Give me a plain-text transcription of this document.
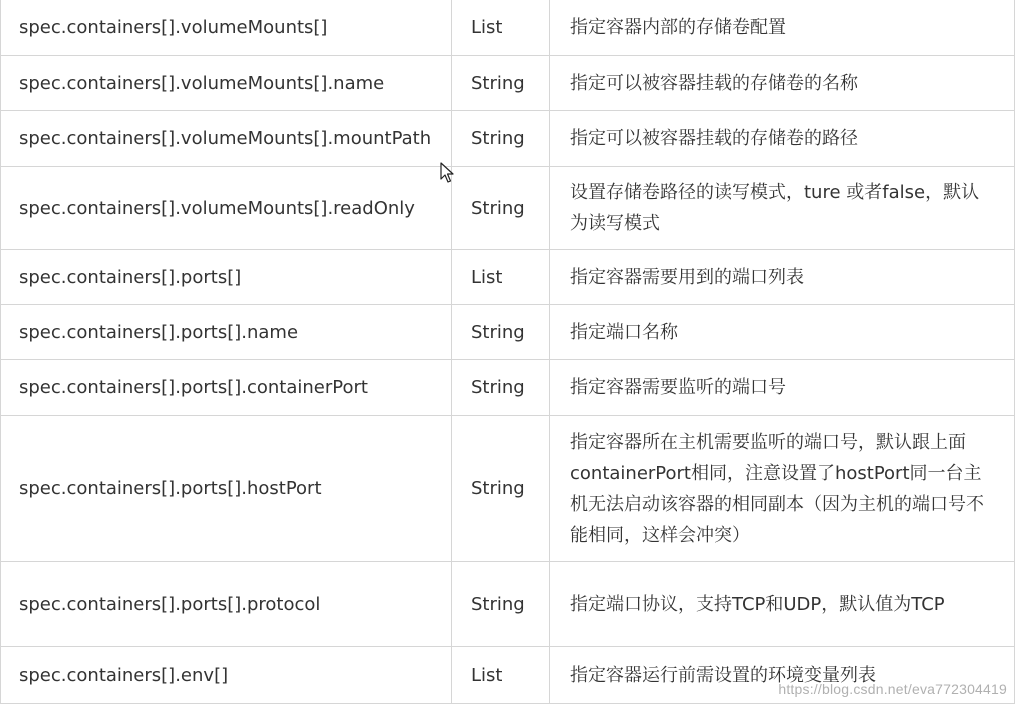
spec.containers[].volumeMounts[]	List	指定容器内部的存储卷配置
spec.containers[].volumeMounts[].name	String	指定可以被容器挂载的存储卷的名称
spec.containers[].volumeMounts[].mountPath	String	指定可以被容器挂载的存储卷的路径
spec.containers[].volumeMounts[].readOnly	String	设置存储卷路径的读写模式，ture 或者false，默认为读写模式
spec.containers[].ports[]	List	指定容器需要用到的端口列表
spec.containers[].ports[].name	String	指定端口名称
spec.containers[].ports[].containerPort	String	指定容器需要监听的端口号
spec.containers[].ports[].hostPort	String	指定容器所在主机需要监听的端口号，默认跟上面containerPort相同，注意设置了hostPort同一台主机无法启动该容器的相同副本（因为主机的端口号不能相同，这样会冲突）
spec.containers[].ports[].protocol	String	指定端口协议，支持TCP和UDP，默认值为TCP
spec.containers[].env[]	List	指定容器运行前需设置的环境变量列表
https://blog.csdn.net/eva772304419
